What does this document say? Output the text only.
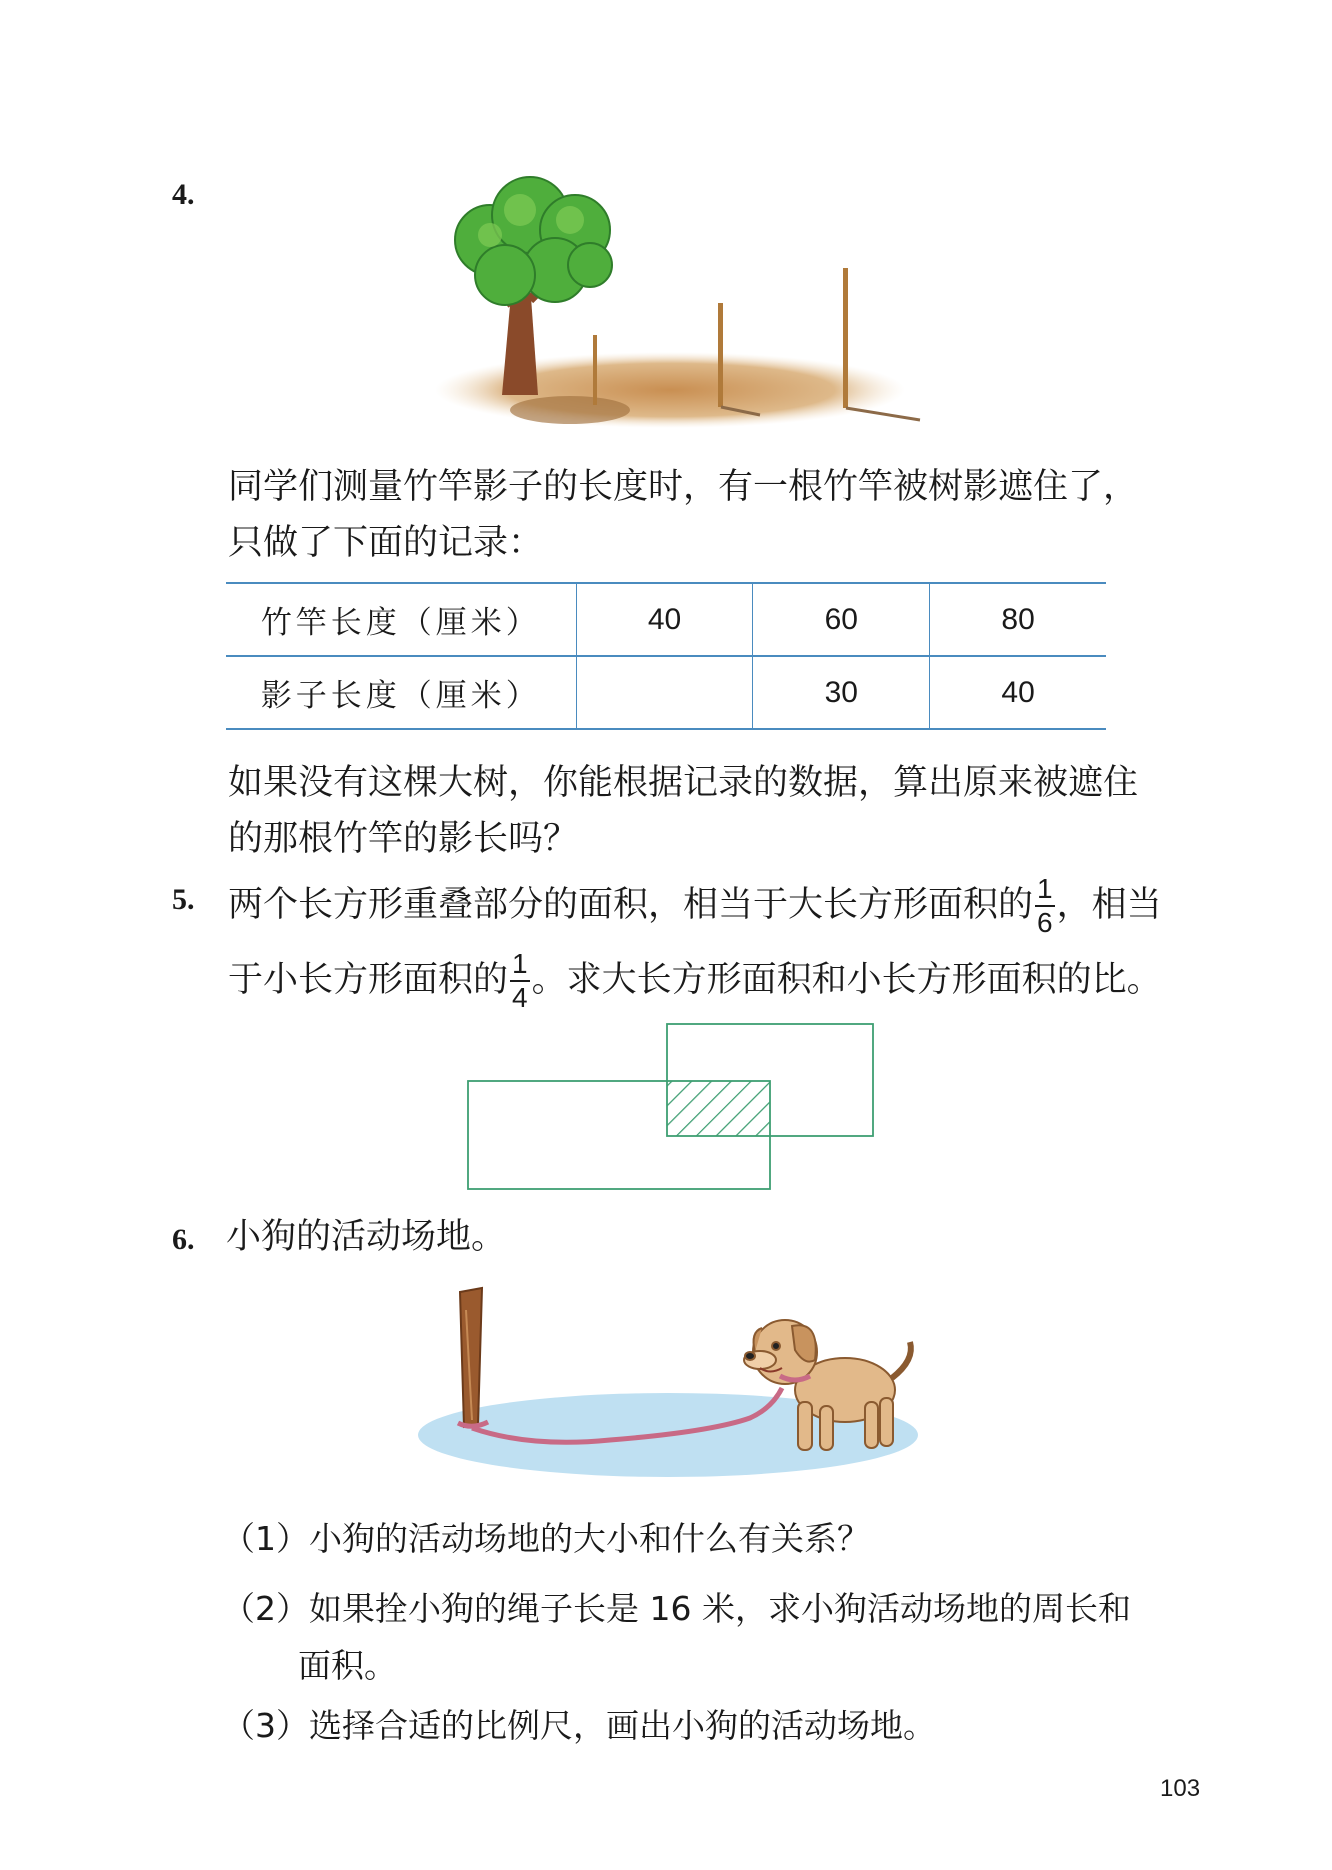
4.
同学们测量竹竿影子的长度时，有一根竹竿被树影遮住了，
只做了下面的记录：
竹竿长度（厘米）	40	60	80
影子长度（厘米）		30	40
如果没有这棵大树，你能根据记录的数据，算出原来被遮住
的那根竹竿的影长吗？
5. 两个长方形重叠部分的面积，相当于大长方形面积的 $\frac{1}{6}$ ，相当
于小长方形面积的 $\frac{1}{4}$ 。求大长方形面积和小长方形面积的比。
6. 小狗的活动场地。
（1）小狗的活动场地的大小和什么有关系？
（2）如果拴小狗的绳子长是 16 米，求小狗活动场地的周长和
面积。
（3）选择合适的比例尺，画出小狗的活动场地。
103
